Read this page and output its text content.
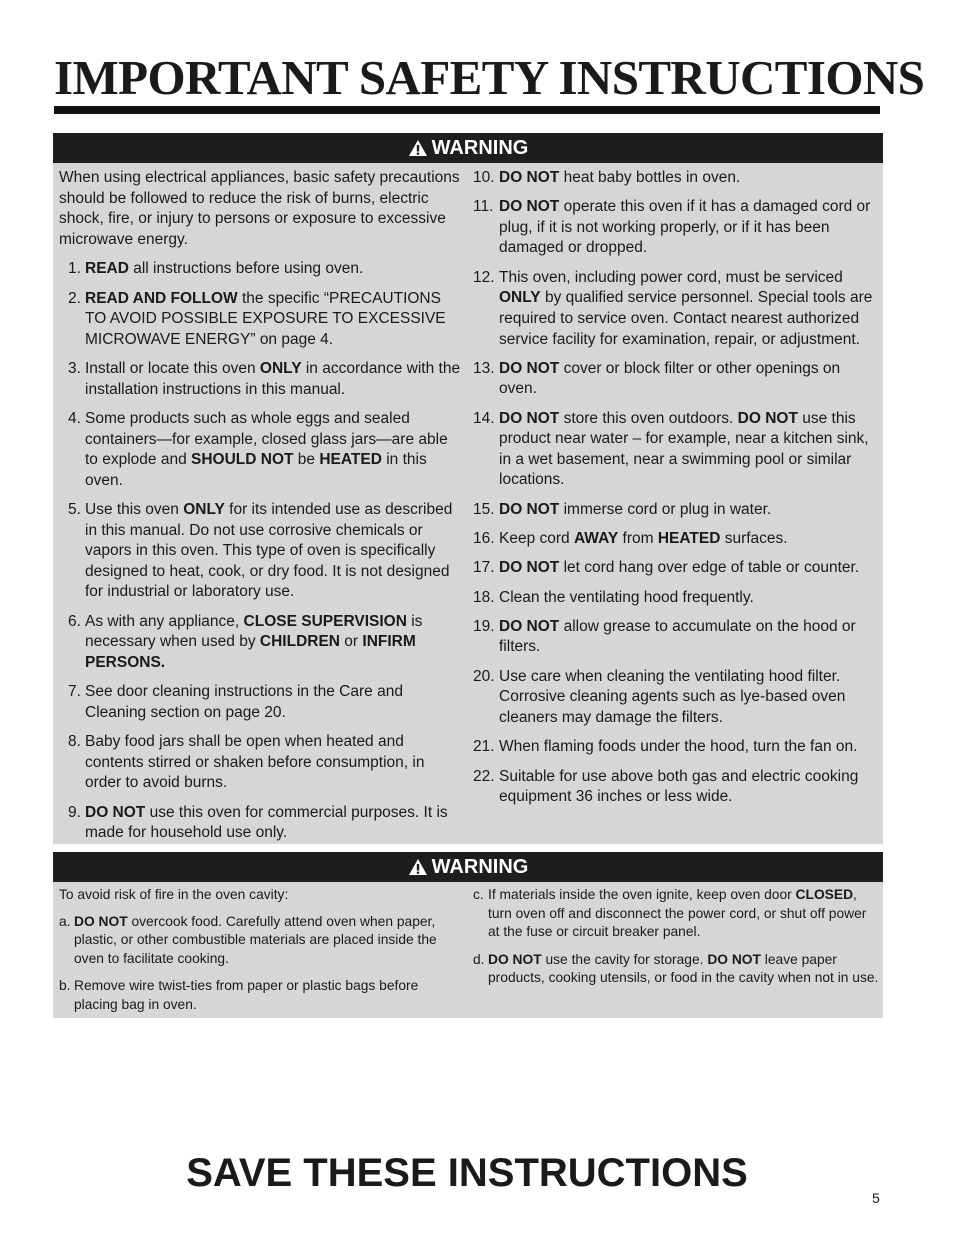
IMPORTANT SAFETY INSTRUCTIONS
WARNING

When using electrical appliances, basic safety precautions should be followed to reduce the risk of burns, electric shock, fire, or injury to persons or exposure to excessive microwave energy.

1. READ all instructions before using oven.
2. READ AND FOLLOW the specific “PRECAUTIONS TO AVOID POSSIBLE EXPOSURE TO EXCESSIVE MICROWAVE ENERGY” on page 4.
3. Install or locate this oven ONLY in accordance with the installation instructions in this manual.
4. Some products such as whole eggs and sealed containers—for example, closed glass jars—are able to explode and SHOULD NOT be HEATED in this oven.
5. Use this oven ONLY for its intended use as described in this manual. Do not use corrosive chemicals or vapors in this oven. This type of oven is specifically designed to heat, cook, or dry food. It is not designed for industrial or laboratory use.
6. As with any appliance, CLOSE SUPERVISION is necessary when used by CHILDREN or INFIRM PERSONS.
7. See door cleaning instructions in the Care and Cleaning section on page 20.
8. Baby food jars shall be open when heated and contents stirred or shaken before consumption, in order to avoid burns.
9. DO NOT use this oven for commercial purposes. It is made for household use only.
10. DO NOT heat baby bottles in oven.
11. DO NOT operate this oven if it has a damaged cord or plug, if it is not working properly, or if it has been damaged or dropped.
12. This oven, including power cord, must be serviced ONLY by qualified service personnel. Special tools are required to service oven. Contact nearest authorized service facility for examination, repair, or adjustment.
13. DO NOT cover or block filter or other openings on oven.
14. DO NOT store this oven outdoors. DO NOT use this product near water – for example, near a kitchen sink, in a wet basement, near a swimming pool or similar locations.
15. DO NOT immerse cord or plug in water.
16. Keep cord AWAY from HEATED surfaces.
17. DO NOT let cord hang over edge of table or counter.
18. Clean the ventilating hood frequently.
19. DO NOT allow grease to accumulate on the hood or filters.
20. Use care when cleaning the ventilating hood filter. Corrosive cleaning agents such as lye-based oven cleaners may damage the filters.
21. When flaming foods under the hood, turn the fan on.
22. Suitable for use above both gas and electric cooking equipment 36 inches or less wide.
WARNING

To avoid risk of fire in the oven cavity:

a. DO NOT overcook food. Carefully attend oven when paper, plastic, or other combustible materials are placed inside the oven to facilitate cooking.
b. Remove wire twist-ties from paper or plastic bags before placing bag in oven.
c. If materials inside the oven ignite, keep oven door CLOSED, turn oven off and disconnect the power cord, or shut off power at the fuse or circuit breaker panel.
d. DO NOT use the cavity for storage. DO NOT leave paper products, cooking utensils, or food in the cavity when not in use.
SAVE THESE INSTRUCTIONS
5
